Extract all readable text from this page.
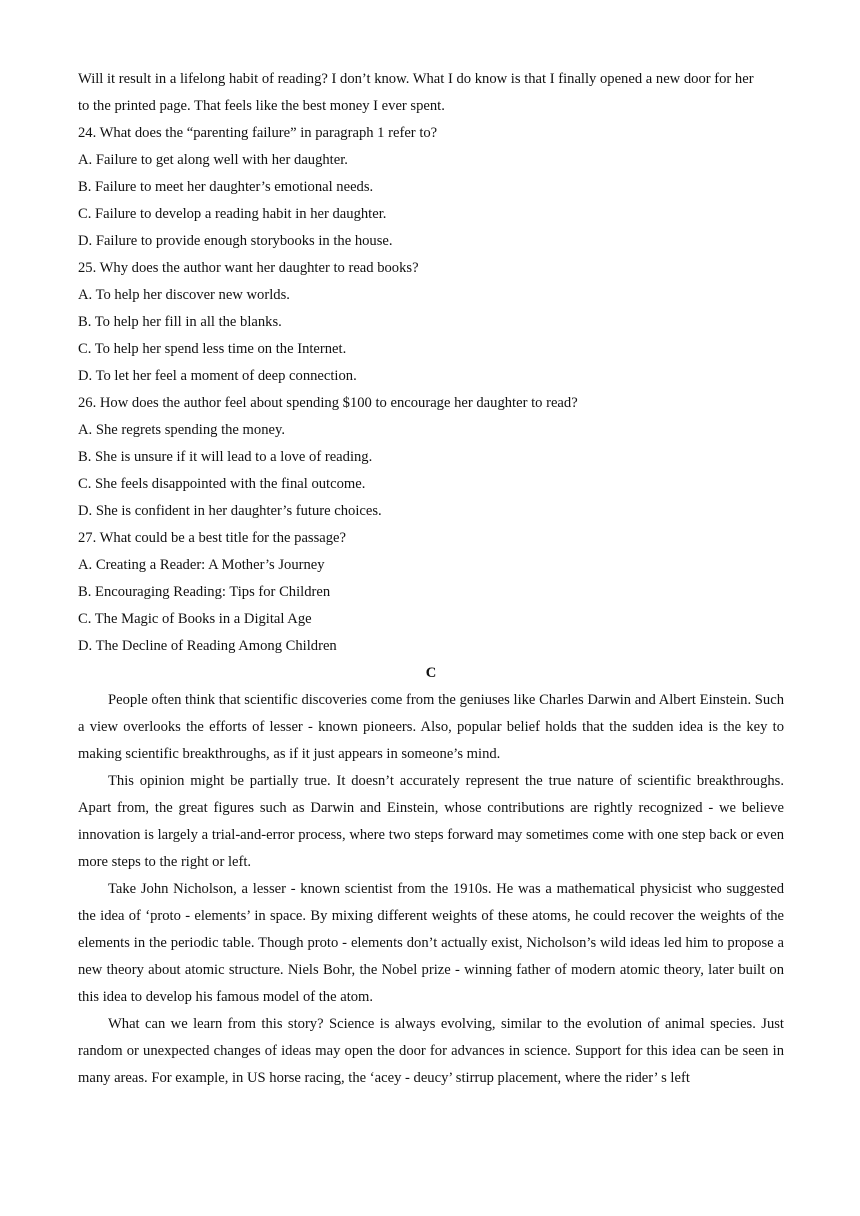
Will it result in a lifelong habit of reading? I don’t know. What I do know is that I finally opened a new door for her

to the printed page. That feels like the best money I ever spent.

24. What does the “parenting failure” in paragraph 1 refer to?

A. Failure to get along well with her daughter.

B. Failure to meet her daughter’s emotional needs.

C. Failure to develop a reading habit in her daughter.

D. Failure to provide enough storybooks in the house.

25. Why does the author want her daughter to read books?

A. To help her discover new worlds.

B. To help her fill in all the blanks.

C. To help her spend less time on the Internet.

D. To let her feel a moment of deep connection.

26. How does the author feel about spending $100 to encourage her daughter to read?

A. She regrets spending the money.

B. She is unsure if it will lead to a love of reading.

C. She feels disappointed with the final outcome.

D. She is confident in her daughter’s future choices.

27. What could be a best title for the passage?

A. Creating a Reader: A Mother’s Journey

B. Encouraging Reading: Tips for Children

C. The Magic of Books in a Digital Age

D. The Decline of Reading Among Children

C

People often think that scientific discoveries come from the geniuses like Charles Darwin and Albert Einstein. Such a view overlooks the efforts of lesser - known pioneers. Also, popular belief holds that the sudden idea is the key to making scientific breakthroughs, as if it just appears in someone’s mind.

This opinion might be partially true. It doesn’t accurately represent the true nature of scientific breakthroughs. Apart from, the great figures such as Darwin and Einstein, whose contributions are rightly recognized - we believe innovation is largely a trial-and-error process, where two steps forward may sometimes come with one step back or even more steps to the right or left.

Take John Nicholson, a lesser - known scientist from the 1910s. He was a mathematical physicist who suggested the idea of ‘proto - elements’ in space. By mixing different weights of these atoms, he could recover the weights of the elements in the periodic table. Though proto - elements don’t actually exist, Nicholson’s wild ideas led him to propose a new theory about atomic structure. Niels Bohr, the Nobel prize - winning father of modern atomic theory, later built on this idea to develop his famous model of the atom.

What can we learn from this story? Science is always evolving, similar to the evolution of animal species. Just random or unexpected changes of ideas may open the door for advances in science. Support for this idea can be seen in many areas. For example, in US horse racing, the ‘acey - deucy’ stirrup placement, where the rider’ s left
